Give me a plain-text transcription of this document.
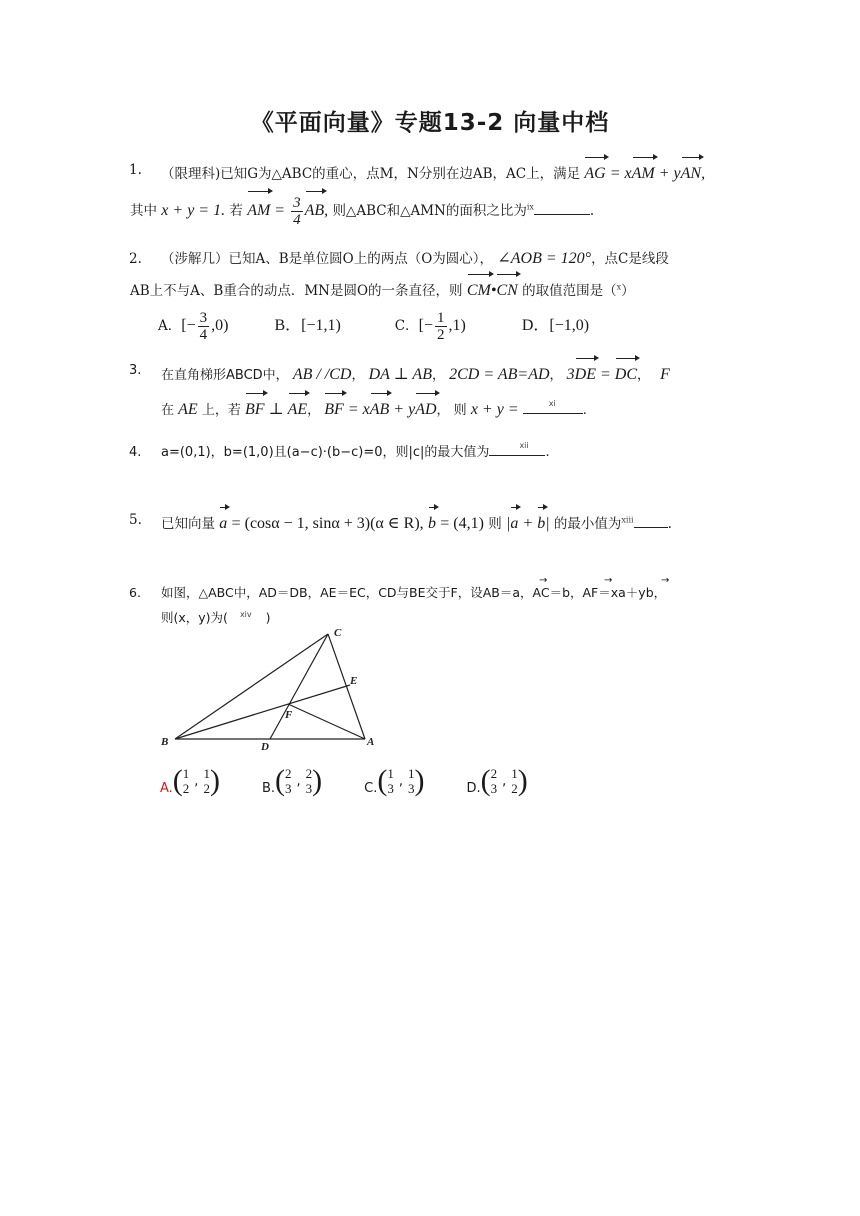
《平面向量》专题13-2 向量中档
1.	（限理科)已知G为△ABC的重心，点M，N分别在边AB，AC上，满足 AG = xAM + yAN,
其中 x + y = 1. 若 AM = $\frac{3}{4}$ AB, 则△ABC和△AMN的面积之比为$^{ix}$	.
2.	（涉解几）已知A、B是单位圆O上的两点（O为圆心）， ∠AOB = 120°，点C是线段
AB上不与A、B重合的动点．MN是圆O的一条直径，则 CM•CN 的取值范围是（$^x$）
A．[− $\frac{3}{4} ,0$)	B．[−1,1)	C．[− $\frac{1}{2} ,1$)	D．[−1,0)
3.	在直角梯形ABCD中， AB / /CD， DA ⊥ AB， 2CD = AB=AD， 3DE = DC， F
在 AE 上，若 BF ⊥ AE， BF = xAB + yAD， 则 x + y =	xi .
4.	a=(0,1)，b=(1,0)且(a−c)·(b−c)=0，则|c|的最大值为	xii .
5.	已知向量 a = (cosα − 1, sinα + 3)(α ∈ R), b = (4,1) 则 |a + b| 的最小值为$^{xiii}$	.
6.
→	→	→
如图，△ABC中，AD＝DB，AE＝EC，CD与BE交于F，设AB＝a，AC＝b，AF＝xa＋yb，
则(x，y)为( $^{xiv}$ )
C
E
F
B	D	A
A. ( 1
2 , 1
2 )	B. ( 2
3 , 2
3 )	C. ( 1
3 , 1
3 )	D. ( 2
3 , 1
2 )
